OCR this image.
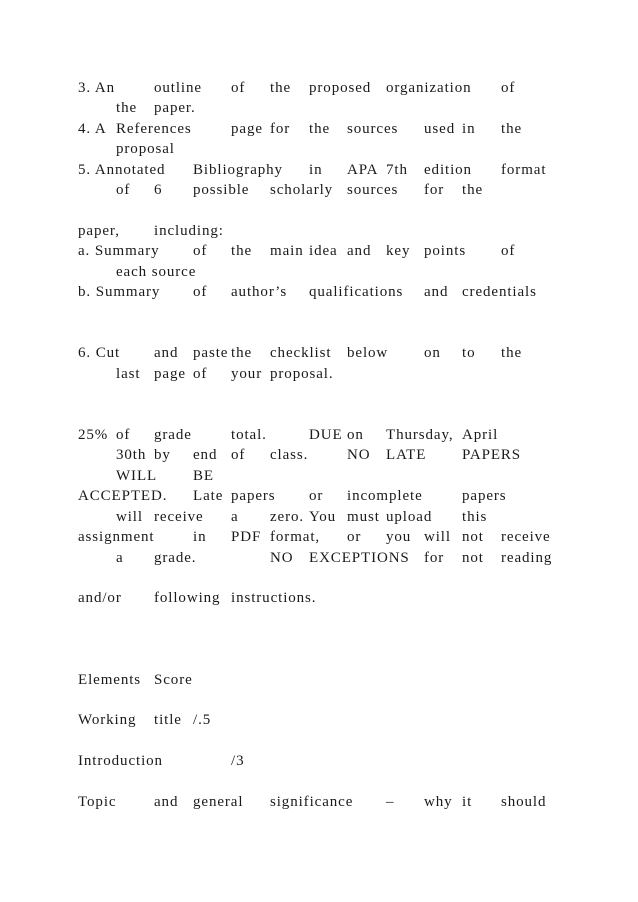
3. An	outline of the proposed organization of
the paper.
4. A References	page for the sources used in the
proposal
5. Annotated Bibliography in APA 7th edition format
of 6 possible scholarly sources for the
paper, including:
a. Summary of the main idea and key points of
each source
b. Summary of author’s qualifications and credentials
6. Cut and paste the checklist below on to the
last page of your proposal.
25% of grade	total.	DUE on Thursday, April
30th by end of class.	NO LATE PAPERS
WILL BE
ACCEPTED. Late papers or incomplete	papers
will receive a zero. You must upload this
assignment	in PDF format, or you will not receive
a grade.	NO EXCEPTIONS for not reading
and/or following instructions.
Elements Score
Working title /.5
Introduction	/3
Topic	and general significance – why it should
